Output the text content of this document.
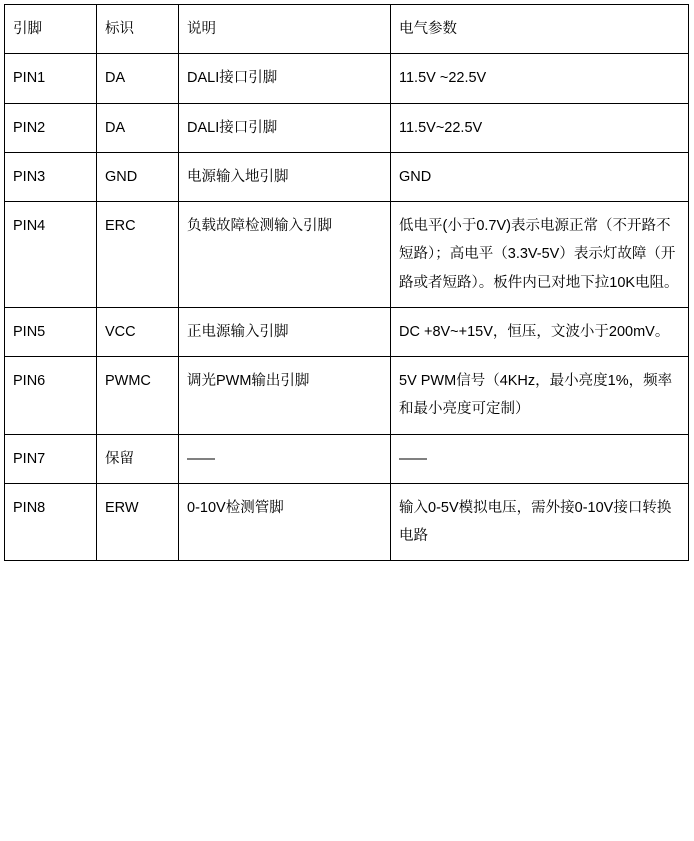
引脚	标识	说明	电气参数
PIN1	DA	DALI接口引脚	11.5V ~22.5V
PIN2	DA	DALI接口引脚	11.5V~22.5V
PIN3	GND	电源输入地引脚	GND
PIN4	ERC	负载故障检测输入引脚	低电平(小于0.7V)表示电源正常（不开路不短路）；高电平（3.3V-5V）表示灯故障（开路或者短路）。板件内已对地下拉10K电阻。
PIN5	VCC	正电源输入引脚	DC +8V~+15V，恒压，文波小于200mV。
PIN6	PWMC	调光PWM输出引脚	5V PWM信号（4KHz，最小亮度1%，频率和最小亮度可定制）
PIN7	保留	——	——
PIN8	ERW	0-10V检测管脚	输入0-5V模拟电压，需外接0-10V接口转换电路
